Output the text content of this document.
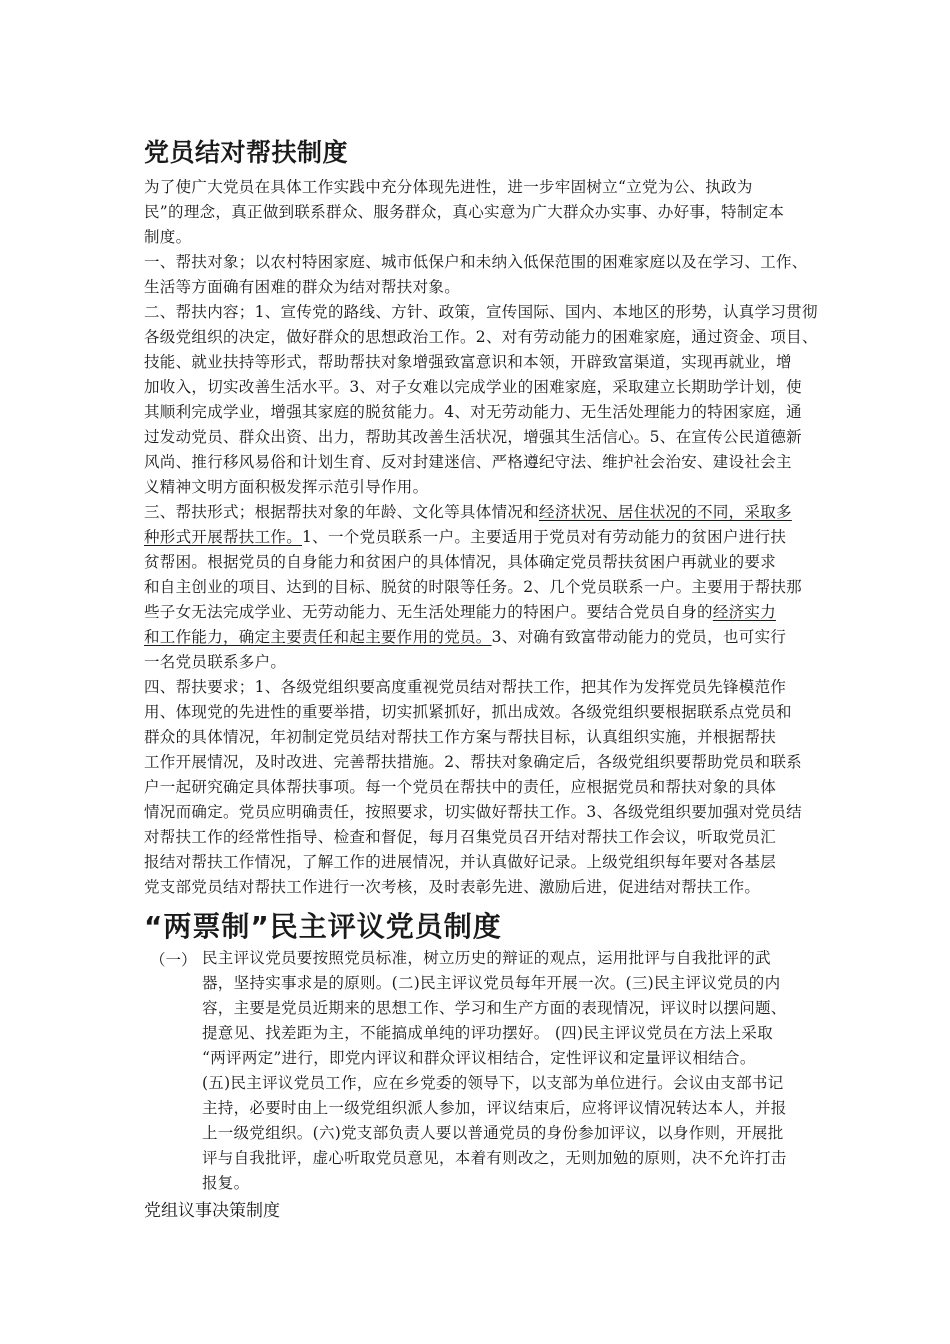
党员结对帮扶制度
为了使广大党员在具体工作实践中充分体现先进性，进一步牢固树立“立党为公、执政为
民”的理念，真正做到联系群众、服务群众，真心实意为广大群众办实事、办好事，特制定本
制度。
一、帮扶对象；以农村特困家庭、城市低保户和未纳入低保范围的困难家庭以及在学习、工作、
生活等方面确有困难的群众为结对帮扶对象。
二、帮扶内容；1、宣传党的路线、方针、政策，宣传国际、国内、本地区的形势，认真学习贯彻
各级党组织的决定，做好群众的思想政治工作。2、对有劳动能力的困难家庭，通过资金、项目、
技能、就业扶持等形式，帮助帮扶对象增强致富意识和本领，开辟致富渠道，实现再就业，增
加收入，切实改善生活水平。3、对子女难以完成学业的困难家庭，采取建立长期助学计划，使
其顺利完成学业，增强其家庭的脱贫能力。4、对无劳动能力、无生活处理能力的特困家庭，通
过发动党员、群众出资、出力，帮助其改善生活状况，增强其生活信心。5、在宣传公民道德新
风尚、推行移风易俗和计划生育、反对封建迷信、严格遵纪守法、维护社会治安、建设社会主
义精神文明方面积极发挥示范引导作用。
三、帮扶形式；根据帮扶对象的年龄、文化等具体情况和经济状况、居住状况的不同，采取多
种形式开展帮扶工作。1、一个党员联系一户。主要适用于党员对有劳动能力的贫困户进行扶
贫帮困。根据党员的自身能力和贫困户的具体情况，具体确定党员帮扶贫困户再就业的要求
和自主创业的项目、达到的目标、脱贫的时限等任务。2、几个党员联系一户。主要用于帮扶那
些子女无法完成学业、无劳动能力、无生活处理能力的特困户。要结合党员自身的经济实力
和工作能力，确定主要责任和起主要作用的党员。3、对确有致富带动能力的党员，也可实行
一名党员联系多户。
四、帮扶要求；1、各级党组织要高度重视党员结对帮扶工作，把其作为发挥党员先锋模范作
用、体现党的先进性的重要举措，切实抓紧抓好，抓出成效。各级党组织要根据联系点党员和
群众的具体情况，年初制定党员结对帮扶工作方案与帮扶目标，认真组织实施，并根据帮扶
工作开展情况，及时改进、完善帮扶措施。2、帮扶对象确定后，各级党组织要帮助党员和联系
户一起研究确定具体帮扶事项。每一个党员在帮扶中的责任，应根据党员和帮扶对象的具体
情况而确定。党员应明确责任，按照要求，切实做好帮扶工作。3、各级党组织要加强对党员结
对帮扶工作的经常性指导、检查和督促，每月召集党员召开结对帮扶工作会议，听取党员汇
报结对帮扶工作情况，了解工作的进展情况，并认真做好记录。上级党组织每年要对各基层
党支部党员结对帮扶工作进行一次考核，及时表彰先进、激励后进，促进结对帮扶工作。
“两票制”民主评议党员制度
（一） 民主评议党员要按照党员标准，树立历史的辩证的观点，运用批评与自我批评的武
器，坚持实事求是的原则。(二)民主评议党员每年开展一次。(三)民主评议党员的内
容，主要是党员近期来的思想工作、学习和生产方面的表现情况，评议时以摆问题、
提意见、找差距为主，不能搞成单纯的评功摆好。 (四)民主评议党员在方法上采取
“两评两定”进行，即党内评议和群众评议相结合，定性评议和定量评议相结合。
(五)民主评议党员工作，应在乡党委的领导下，以支部为单位进行。会议由支部书记
主持，必要时由上一级党组织派人参加，评议结束后，应将评议情况转达本人，并报
上一级党组织。(六)党支部负责人要以普通党员的身份参加评议，以身作则，开展批
评与自我批评，虚心听取党员意见，本着有则改之，无则加勉的原则，决不允许打击
报复。
党组议事决策制度
